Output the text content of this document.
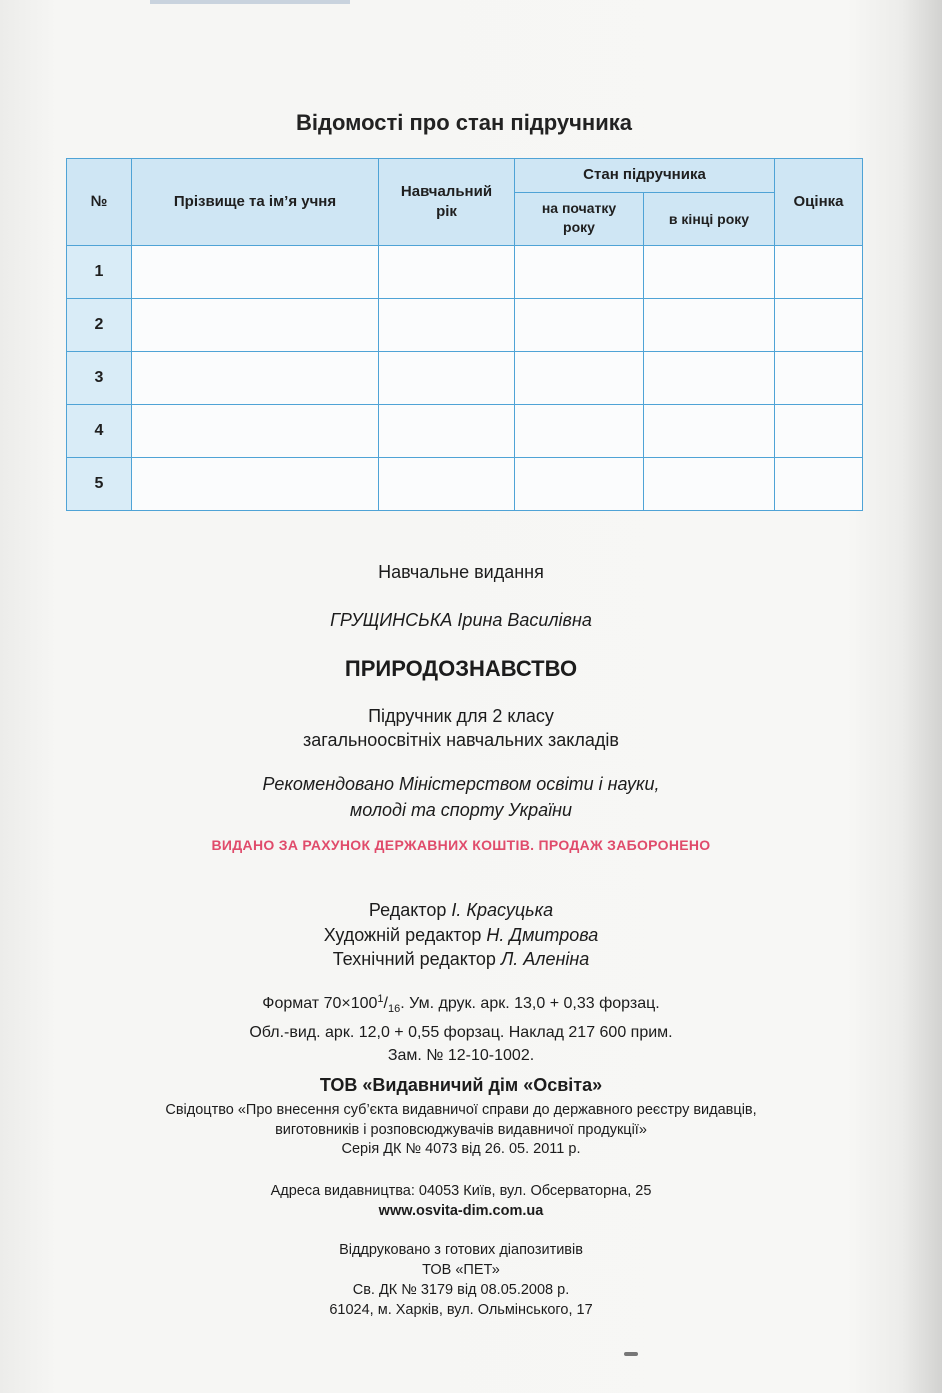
Відомості про стан підручника
№	Прізвище та ім’я учня	Навчальний рік	Стан підручника		Оцінка
			на початку року	в кінці року	
1					
2					
3					
4					
5					
Навчальне видання
ГРУЩИНСЬКА Ірина Василівна
ПРИРОДОЗНАВСТВО
Підручник для 2 класу
загальноосвітніх навчальних закладів
Рекомендовано Міністерством освіти і науки,
молоді та спорту України
ВИДАНО ЗА РАХУНОК ДЕРЖАВНИХ КОШТІВ. ПРОДАЖ ЗАБОРОНЕНО
Редактор І. Красуцька
Художній редактор Н. Дмитрова
Технічний редактор Л. Аленіна
Формат $70\times 100^1/_{16}$. Ум. друк. арк. 13,0 + 0,33 форзац.
Обл.-вид. арк. 12,0 + 0,55 форзац. Наклад 217 600 прим.
Зам. № 12-10-1002.
ТОВ «Видавничий дім «Освіта»
Свідоцтво «Про внесення суб’єкта видавничої справи до державного реєстру видавців,
виготовників і розповсюджувачів видавничої продукції»
Серія ДК № 4073 від 26. 05. 2011 р.
Адреса видавництва: 04053 Київ, вул. Обсерваторна, 25
www.osvita-dim.com.ua
Віддруковано з готових діапозитивів
ТОВ «ПЕТ»
Св. ДК № 3179 від 08.05.2008 р.
61024, м. Харків, вул. Ольмінського, 17
